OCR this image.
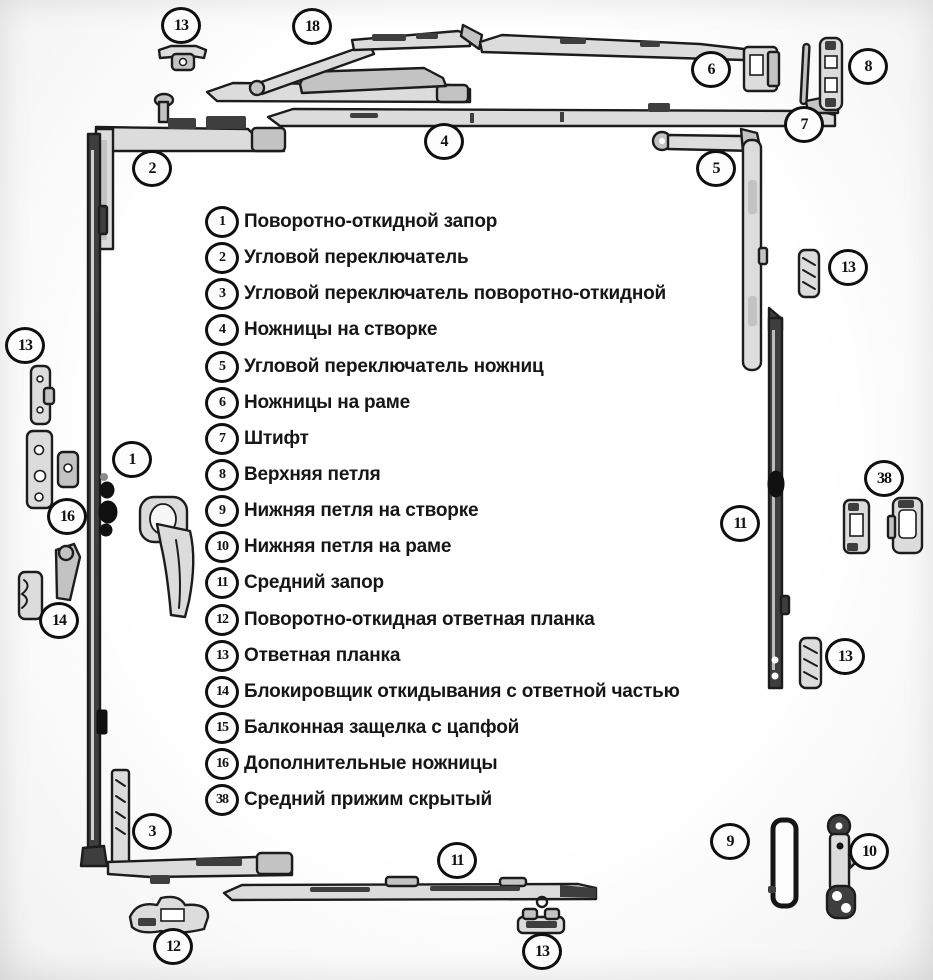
13	18
6	8
7
4
5
2
13
13
1
16
38
11
14
13
3
9
10
11
12	13
1	Поворотно-откидной запор
2	Угловой переключатель
3	Угловой переключатель поворотно-откидной
4	Ножницы на створке
5	Угловой переключатель ножниц
6	Ножницы на раме
7	Штифт
8	Верхняя петля
9	Нижняя петля на створке
10 Нижняя петля на раме
11 Средний запор
12 Поворотно-откидная ответная планка
13 Ответная планка
14 Блокировщик откидывания с ответной частью
15 Балконная защелка с цапфой
16 Дополнительные ножницы
38 Средний прижим скрытый
